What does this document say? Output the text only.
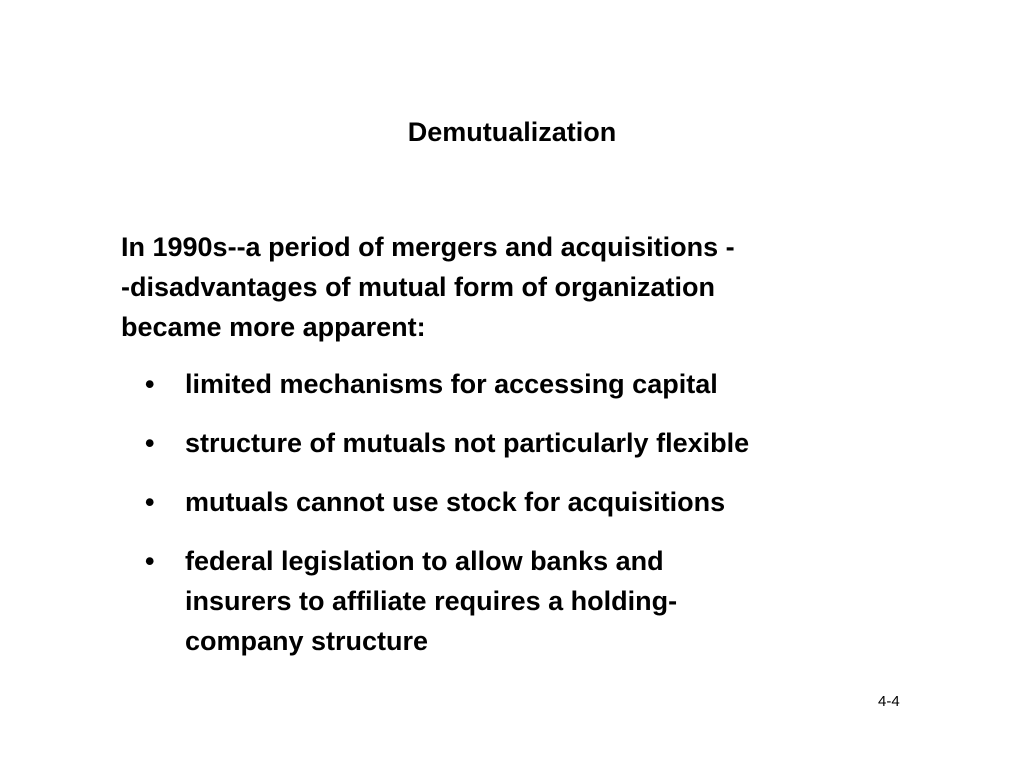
Demutualization
In 1990s--a period of mergers and acquisitions -
-disadvantages of mutual form of organization
became more apparent:
•	limited mechanisms for accessing capital
•	structure of mutuals not particularly flexible
•	mutuals cannot use stock for acquisitions
•	federal legislation to allow banks and
insurers to affiliate requires a holding-
company structure
4-4
